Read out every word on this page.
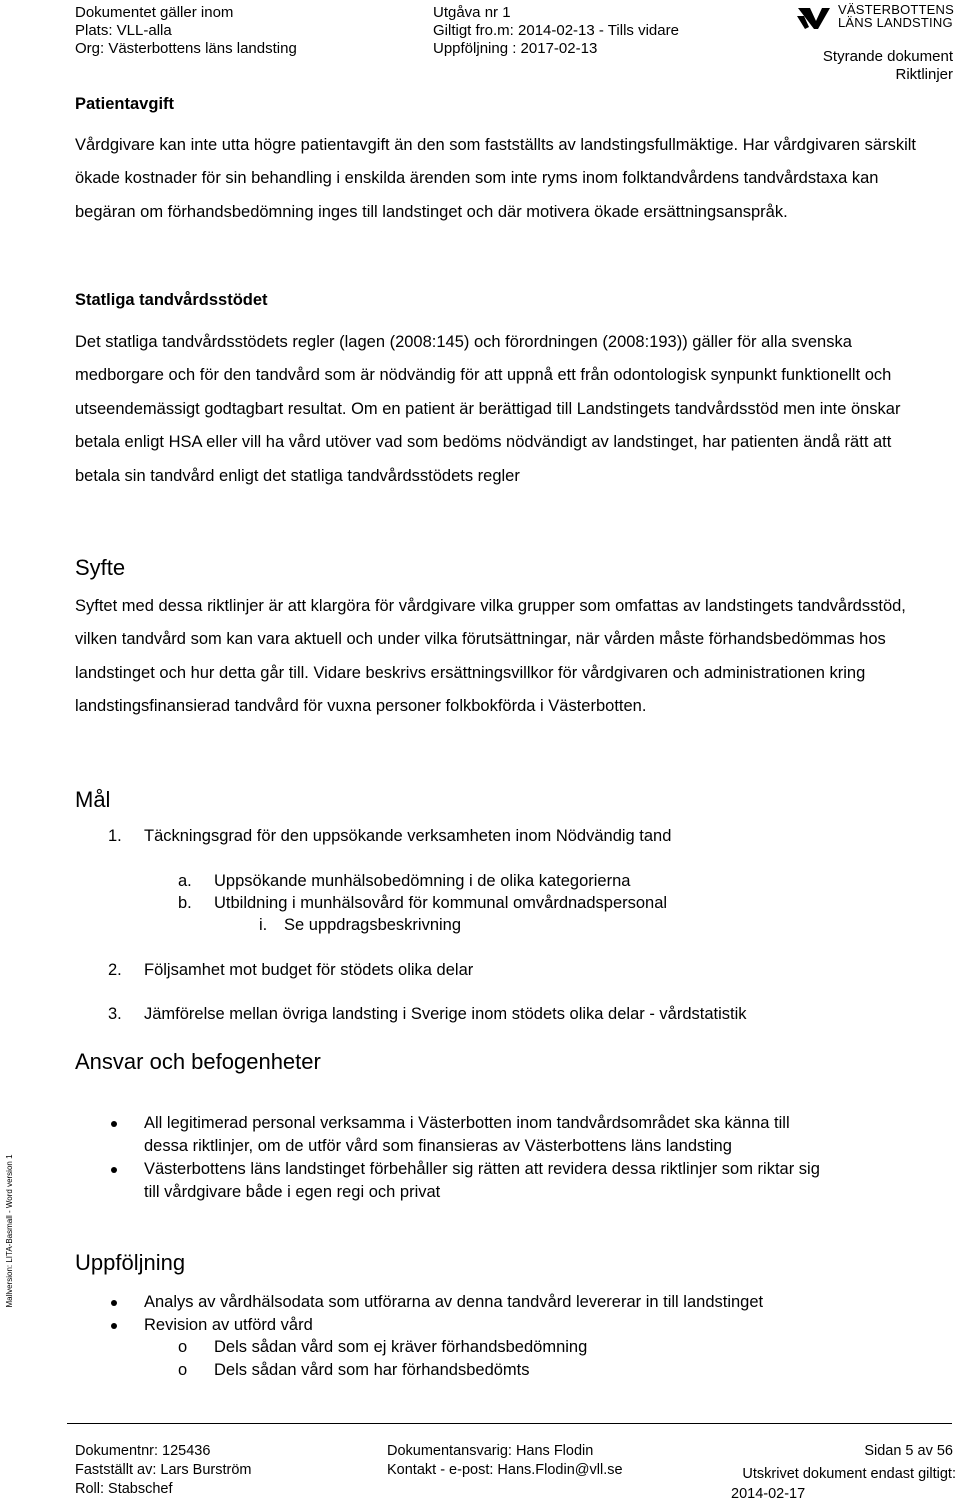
Dokumentet gäller inom
Plats: VLL-alla
Org: Västerbottens läns landsting
Utgåva nr 1
Giltigt fro.m: 2014-02-13 - Tills vidare
Uppföljning : 2017-02-13
VÄSTERBOTTENS
LÄNS LANDSTING
Styrande dokument
Riktlinjer
Mallversion: LITA-Basmall - Word version 1
Patientavgift
Vårdgivare kan inte utta högre patientavgift än den som fastställts av landstingsfullmäktige. Har vårdgivaren särskilt ökade kostnader för sin behandling i enskilda ärenden som inte ryms inom folktandvårdens tandvårdstaxa kan begäran om förhandsbedömning inges till landstinget och där motivera ökade ersättningsanspråk.
Statliga tandvårdsstödet
Det statliga tandvårdsstödets regler (lagen (2008:145) och förordningen (2008:193)) gäller för alla svenska medborgare och för den tandvård som är nödvändig för att uppnå ett från odontologisk synpunkt funktionellt och utseendemässigt godtagbart resultat. Om en patient är berättigad till Landstingets tandvårdsstöd men inte önskar betala enligt HSA eller vill ha vård utöver vad som bedöms nödvändigt av landstinget, har patienten ändå rätt att betala sin tandvård enligt det statliga tandvårdsstödets regler
Syfte
Syftet med dessa riktlinjer är att klargöra för vårdgivare vilka grupper som omfattas av landstingets tandvårdsstöd, vilken tandvård som kan vara aktuell och under vilka förutsättningar, när vården måste förhandsbedömmas hos landstinget och hur detta går till. Vidare beskrivs ersättningsvillkor för vårdgivaren och administrationen kring landstingsfinansierad tandvård för vuxna personer folkbokförda i Västerbotten.
Mål
1. Täckningsgrad för den uppsökande verksamheten inom Nödvändig tand
a. Uppsökande munhälsobedömning i de olika kategorierna
b. Utbildning i munhälsovård för kommunal omvårdnadspersonal
i. Se uppdragsbeskrivning
2. Följsamhet mot budget för stödets olika delar
3. Jämförelse mellan övriga landsting i Sverige inom stödets olika delar - vårdstatistik
Ansvar och befogenheter
All legitimerad personal verksamma i Västerbotten inom tandvårdsområdet ska känna till
dessa riktlinjer, om de utför vård som finansieras av Västerbottens läns landsting
Västerbottens läns landstinget förbehåller sig rätten att revidera dessa riktlinjer som riktar sig
till vårdgivare både i egen regi och privat
Uppföljning
Analys av vårdhälsodata som utförarna av denna tandvård levererar in till landstinget
Revision av utförd vård
o Dels sådan vård som ej kräver förhandsbedömning
o Dels sådan vård som har förhandsbedömts
Dokumentnr: 125436
Fastställt av: Lars Burström
Roll: Stabschef
Dokumentansvarig: Hans Flodin
Kontakt - e-post: Hans.Flodin@vll.se
Sidan 5 av 56
Utskrivet dokument endast giltigt:
2014-02-17
